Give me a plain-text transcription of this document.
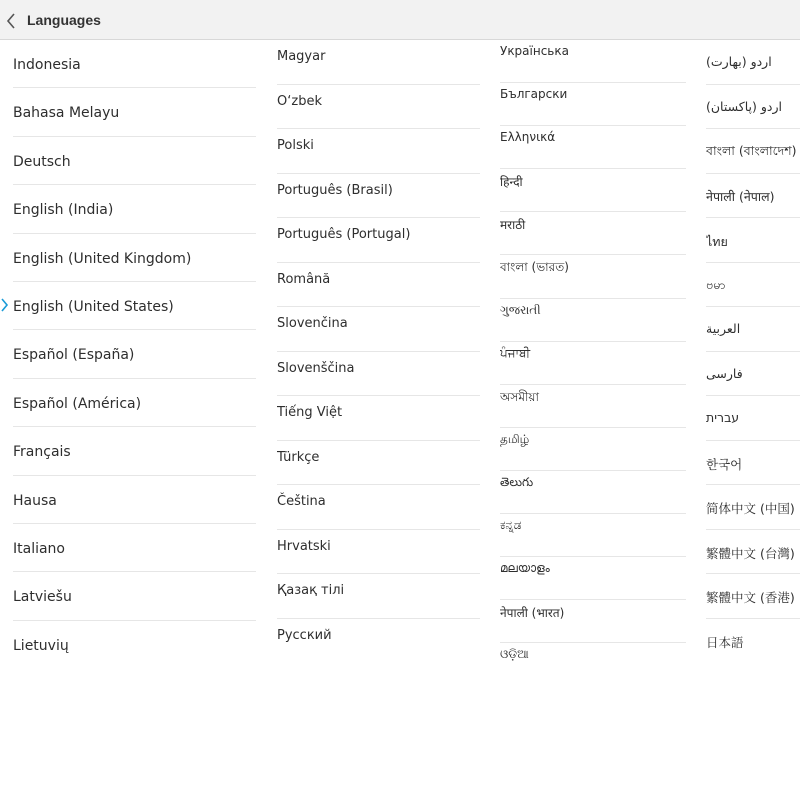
Languages
Indonesia
Bahasa Melayu
Deutsch
English (India)
English (United Kingdom)
English (United States)
Español (España)
Español (América)
Français
Hausa
Italiano
Latviešu
Lietuvių
Magyar
O‘zbek
Polski
Português (Brasil)
Português (Portugal)
Română
Slovenčina
Slovenščina
Tiếng Việt
Türkçe
Čeština
Hrvatski
Қазақ тілі
Русский
Українська
Български
Ελληνικά
हिन्दी
मराठी
বাংলা (ভারত)
ગુજરાતી
ਪੰਜਾਬੀ
অসমীয়া
தமிழ்
తెలుగు
ಕನ್ನಡ
മലയാളം
नेपाली (भारत)
ଓଡ଼ିଆ
اردو (بھارت)
اردو (پاکستان)
বাংলা (বাংলাদেশ)
नेपाली (नेपाल)
ไทย
ဗမာ
العربية
فارسی
עברית
한국어
简体中文 (中国)
繁體中文 (台灣)
繁體中文 (香港)
日本語
